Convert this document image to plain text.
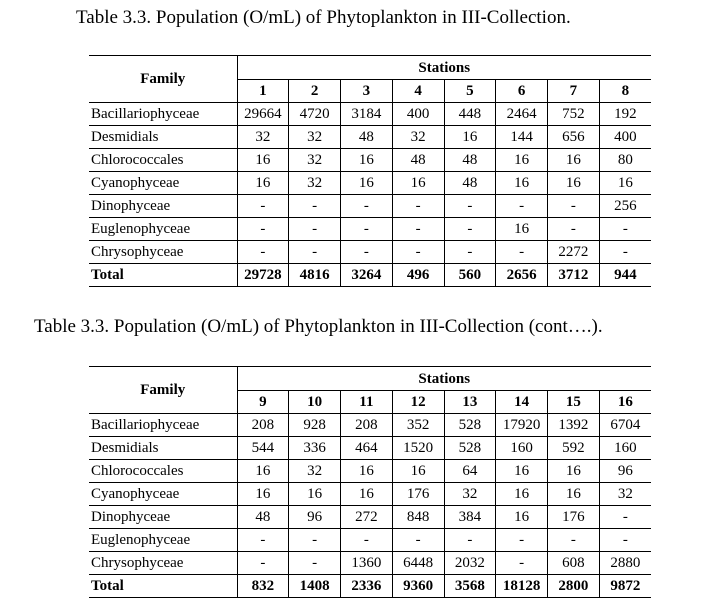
Table 3.3. Population (O/mL) of Phytoplankton in III-Collection.
Family	Stations							
	1	2	3	4	5	6	7	8
Bacillariophyceae	29664	4720	3184	400	448	2464	752	192
Desmidials	32	32	48	32	16	144	656	400
Chlorococcales	16	32	16	48	48	16	16	80
Cyanophyceae	16	32	16	16	48	16	16	16
Dinophyceae	-	-	-	-	-	-	-	256
Euglenophyceae	-	-	-	-	-	16	-	-
Chrysophyceae	-	-	-	-	-	-	2272	-
Total	29728	4816	3264	496	560	2656	3712	944
Table 3.3. Population (O/mL) of Phytoplankton in III-Collection (cont….).
Family	Stations							
	9	10	11	12	13	14	15	16
Bacillariophyceae	208	928	208	352	528	17920	1392	6704
Desmidials	544	336	464	1520	528	160	592	160
Chlorococcales	16	32	16	16	64	16	16	96
Cyanophyceae	16	16	16	176	32	16	16	32
Dinophyceae	48	96	272	848	384	16	176	-
Euglenophyceae	-	-	-	-	-	-	-	-
Chrysophyceae	-	-	1360	6448	2032	-	608	2880
Total	832	1408	2336	9360	3568	18128	2800	9872
